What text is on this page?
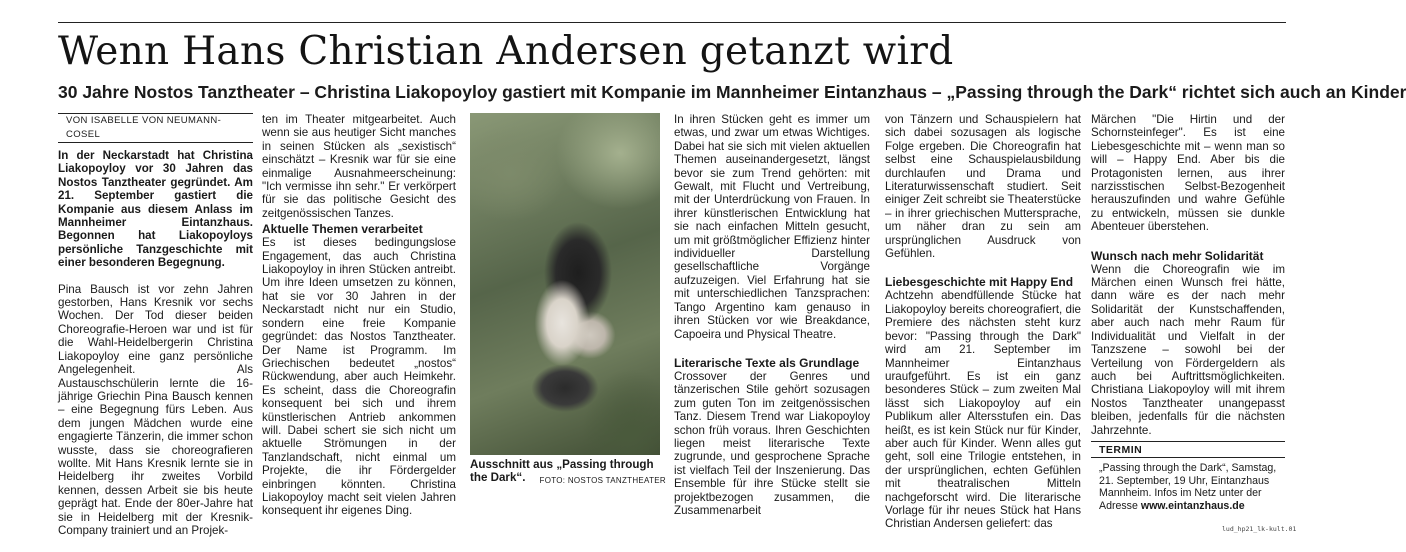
Wenn Hans Christian Andersen getanzt wird
30 Jahre Nostos Tanztheater – Christina Liakopoyloy gastiert mit Kompanie im Mannheimer Eintanzhaus – „Passing through the Dark“ richtet sich auch an Kinder
VON ISABELLE VON NEUMANN-COSEL

In der Neckarstadt hat Christina Liakopoyloy vor 30 Jahren das Nostos Tanztheater gegründet. Am 21. September gastiert die Kompanie aus diesem Anlass im Mannheimer Eintanzhaus. Begonnen hat Liakopoyloys persönliche Tanzgeschichte mit einer besonderen Begegnung.

Pina Bausch ist vor zehn Jahren gestorben, Hans Kresnik vor sechs Wochen. Der Tod dieser beiden Choreografie-Heroen war und ist für die Wahl-Heidelbergerin Christina Liakopoyloy eine ganz persönliche Angelegenheit. Als Austauschschülerin lernte die 16-jährige Griechin Pina Bausch kennen – eine Begegnung fürs Leben. Aus dem jungen Mädchen wurde eine engagierte Tänzerin, die immer schon wusste, dass sie choreografieren wollte. Mit Hans Kresnik lernte sie in Heidelberg ihr zweites Vorbild kennen, dessen Arbeit sie bis heute geprägt hat. Ende der 80er-Jahre hat sie in Heidelberg mit der Kresnik-Company trainiert und an Projek-

ten im Theater mitgearbeitet. Auch wenn sie aus heutiger Sicht manches in seinen Stücken als „sexistisch“ einschätzt – Kresnik war für sie eine einmalige Ausnahmeerscheinung: "Ich vermisse ihn sehr." Er verkörpert für sie das politische Gesicht des zeitgenössischen Tanzes.

Aktuelle Themen verarbeitet

Es ist dieses bedingungslose Engagement, das auch Christina Liakopoyloy in ihren Stücken antreibt. Um ihre Ideen umsetzen zu können, hat sie vor 30 Jahren in der Neckarstadt nicht nur ein Studio, sondern eine freie Kompanie gegründet: das Nostos Tanztheater. Der Name ist Programm. Im Griechischen bedeutet „nostos“ Rückwendung, aber auch Heimkehr. Es scheint, dass die Choreografin konsequent bei sich und ihrem künstlerischen Antrieb ankommen will. Dabei schert sie sich nicht um aktuelle Strömungen in der Tanzlandschaft, nicht einmal um Projekte, die ihr Fördergelder einbringen könnten. Christina Liakopoyloy macht seit vielen Jahren konsequent ihr eigenes Ding.

Ausschnitt aus „Passing through the Dark“. FOTO: NOSTOS TANZTHEATER

In ihren Stücken geht es immer um etwas, und zwar um etwas Wichtiges. Dabei hat sie sich mit vielen aktuellen Themen auseinandergesetzt, längst bevor sie zum Trend gehörten: mit Gewalt, mit Flucht und Vertreibung, mit der Unterdrückung von Frauen. In ihrer künstlerischen Entwicklung hat sie nach einfachen Mitteln gesucht, um mit größtmöglicher Effizienz hinter individueller Darstellung gesellschaftliche Vorgänge aufzuzeigen. Viel Erfahrung hat sie mit unterschiedlichen Tanzsprachen: Tango Argentino kam genauso in ihren Stücken vor wie Breakdance, Capoeira und Physical Theatre.

Literarische Texte als Grundlage

Crossover der Genres und tänzerischen Stile gehört sozusagen zum guten Ton im zeitgenössischen Tanz. Diesem Trend war Liakopoyloy schon früh voraus. Ihren Geschichten liegen meist literarische Texte zugrunde, und gesprochene Sprache ist vielfach Teil der Inszenierung. Das Ensemble für ihre Stücke stellt sie projektbezogen zusammen, die Zusammenarbeit

von Tänzern und Schauspielern hat sich dabei sozusagen als logische Folge ergeben. Die Choreografin hat selbst eine Schauspielausbildung durchlaufen und Drama und Literaturwissenschaft studiert. Seit einiger Zeit schreibt sie Theaterstücke – in ihrer griechischen Muttersprache, um näher dran zu sein am ursprünglichen Ausdruck von Gefühlen.

Liebesgeschichte mit Happy End

Achtzehn abendfüllende Stücke hat Liakopoyloy bereits choreografiert, die Premiere des nächsten steht kurz bevor: "Passing through the Dark" wird am 21. September im Mannheimer Eintanzhaus uraufgeführt. Es ist ein ganz besonderes Stück – zum zweiten Mal lässt sich Liakopoyloy auf ein Publikum aller Altersstufen ein. Das heißt, es ist kein Stück nur für Kinder, aber auch für Kinder. Wenn alles gut geht, soll eine Trilogie entstehen, in der ursprünglichen, echten Gefühlen mit theatralischen Mitteln nachgeforscht wird. Die literarische Vorlage für ihr neues Stück hat Hans Christian Andersen geliefert: das

Märchen "Die Hirtin und der Schornsteinfeger". Es ist eine Liebesgeschichte mit – wenn man so will – Happy End. Aber bis die Protagonisten lernen, aus ihrer narzisstischen Selbst-Bezogenheit herauszufinden und wahre Gefühle zu entwickeln, müssen sie dunkle Abenteuer überstehen.

Wunsch nach mehr Solidarität

Wenn die Choreografin wie im Märchen einen Wunsch frei hätte, dann wäre es der nach mehr Solidarität der Kunstschaffenden, aber auch nach mehr Raum für Individualität und Vielfalt in der Tanzszene – sowohl bei der Verteilung von Fördergeldern als auch bei Auftrittsmöglichkeiten. Christiana Liakopoyloy will mit ihrem Nostos Tanztheater unangepasst bleiben, jedenfalls für die nächsten Jahrzehnte.

TERMIN
„Passing through the Dark“, Samstag, 21. September, 19 Uhr, Eintanzhaus Mannheim. Infos im Netz unter der Adresse www.eintanzhaus.de
lud_hp21_lk-kult.01
